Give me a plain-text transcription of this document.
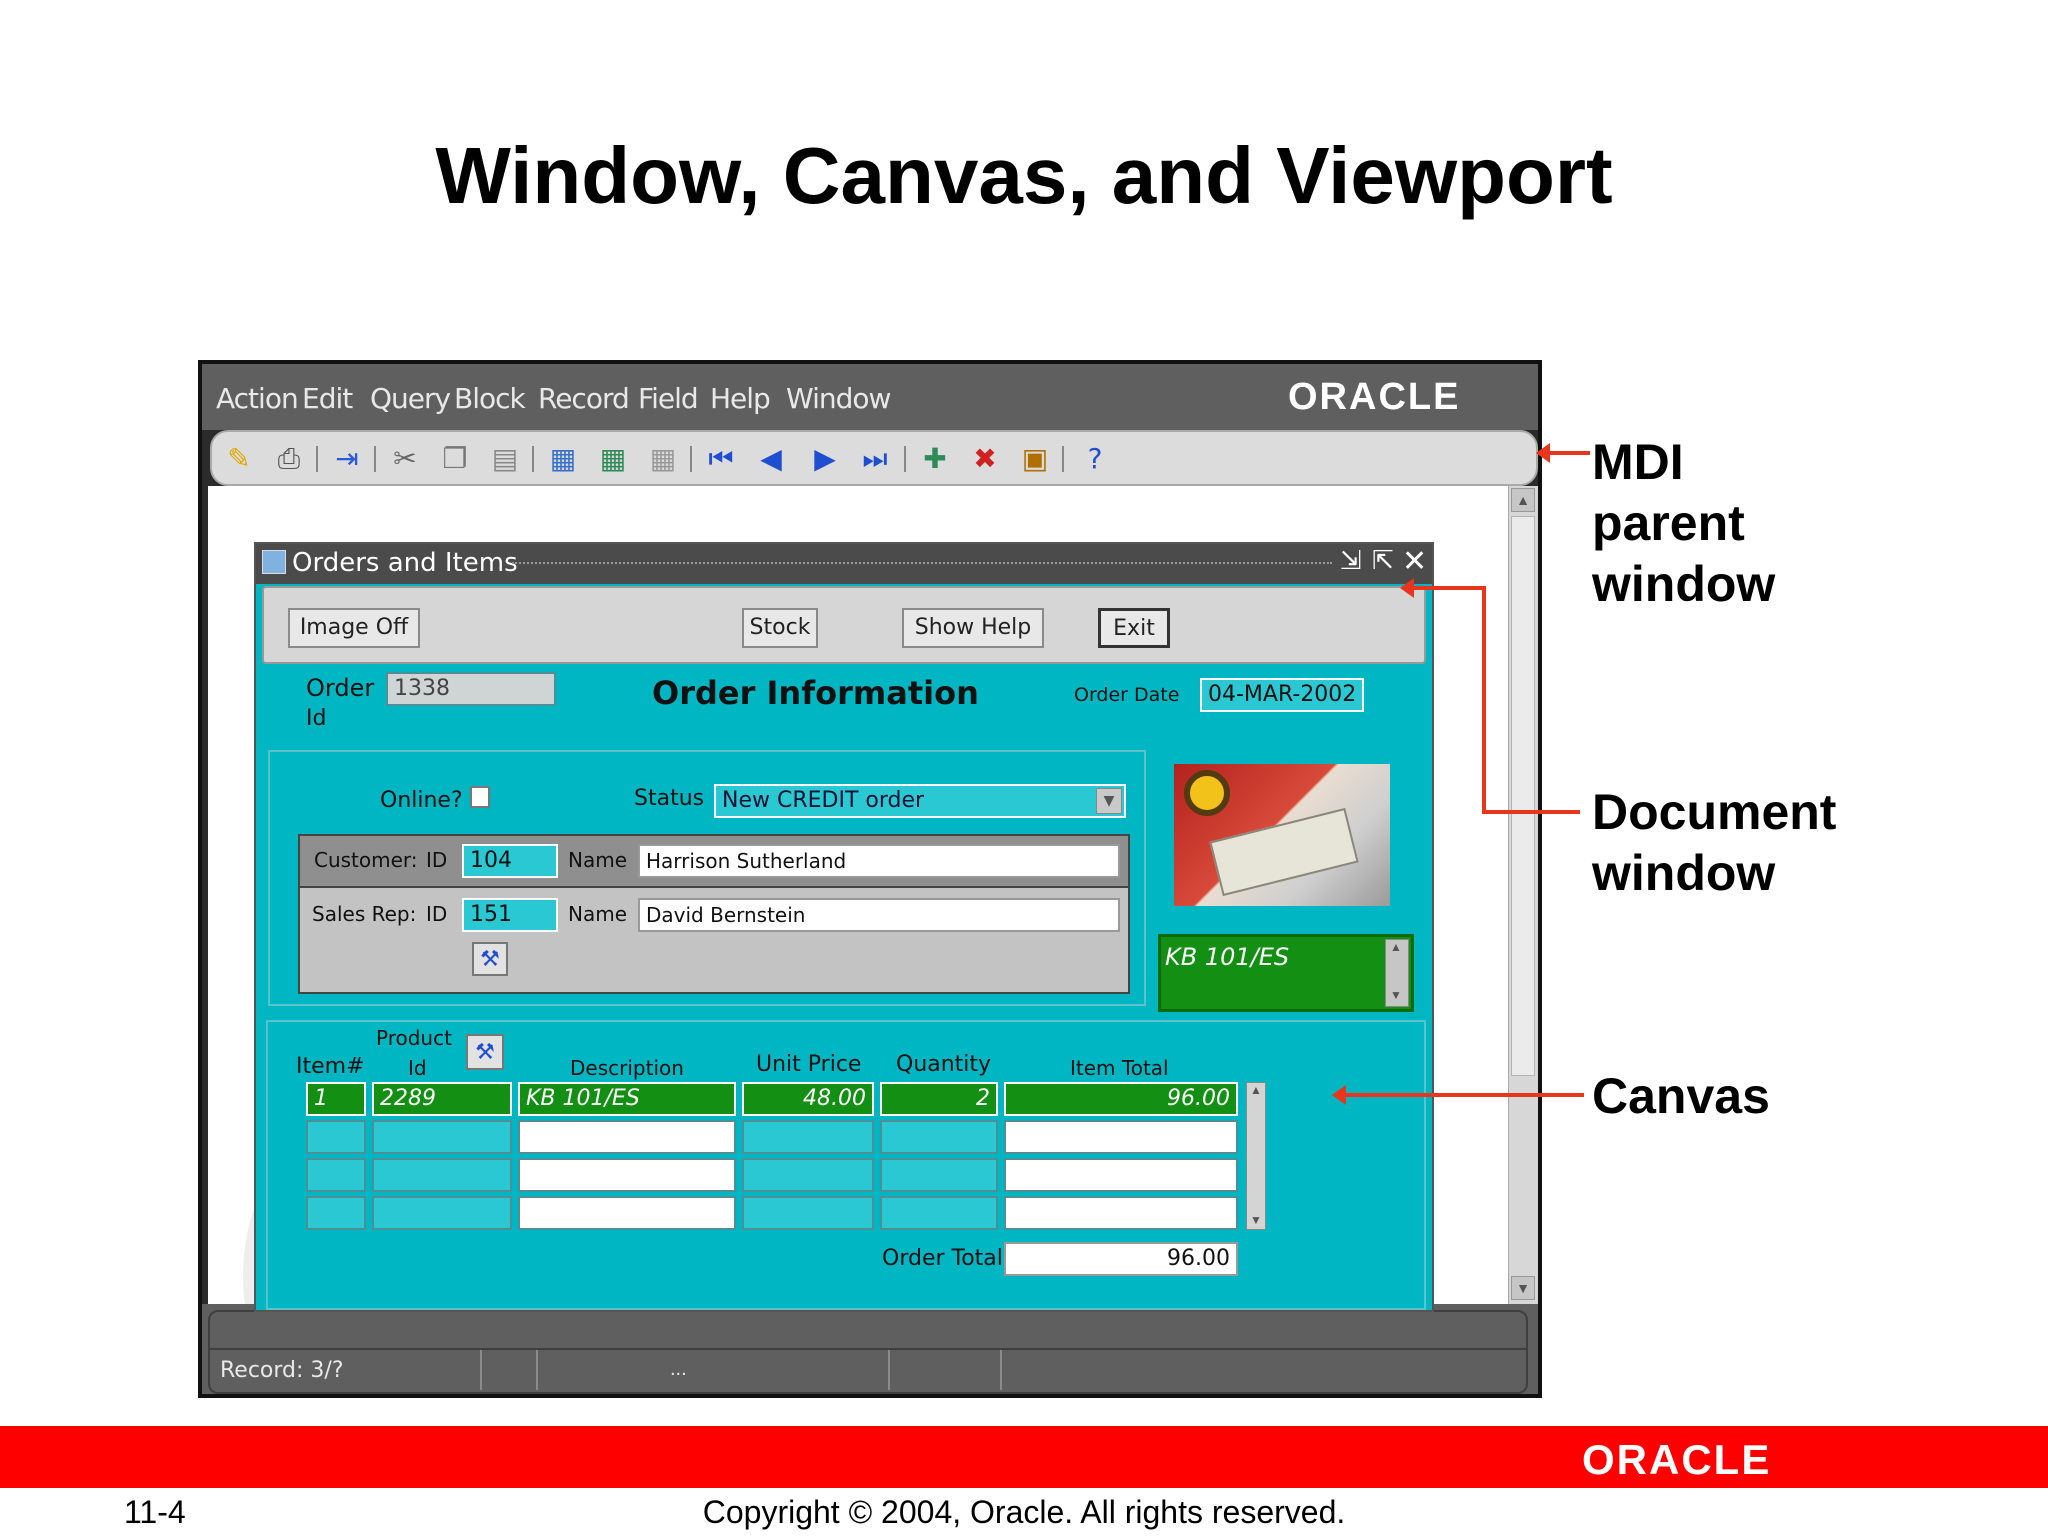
Window, Canvas, and Viewport
Action Edit Query Block Record Field Help Window	ORACLE
✎ ⎙ ⇥ ✂ ❐ ▤ ▦ ▦ ▦ ⏮ ◀ ▶ ⏭ ✚ ✖ ▣	?
▲
▼
Record: 3/?	...
Orders and Items	⇲ ⇱ ✕
Image Off	Stock	Show Help	Exit
Order
Id
1338	Order Information	Order Date	04-MAR-2002
Online?	Status New CREDIT order	▼
Customer: ID	104	Name Harrison Sutherland
Sales Rep: ID	151	Name David Bernstein
⚒	KB 101/ES	▲
▼
Product
⚒
Item# Id	Description	Unit Price Quantity	Item Total
1	2289	KB 101/ES	48.00	2	96.00	▲
▼
Order Total	96.00
MDI
parent
window
Document
window
Canvas
ORACLE
11-4	Copyright © 2004, Oracle. All rights reserved.
